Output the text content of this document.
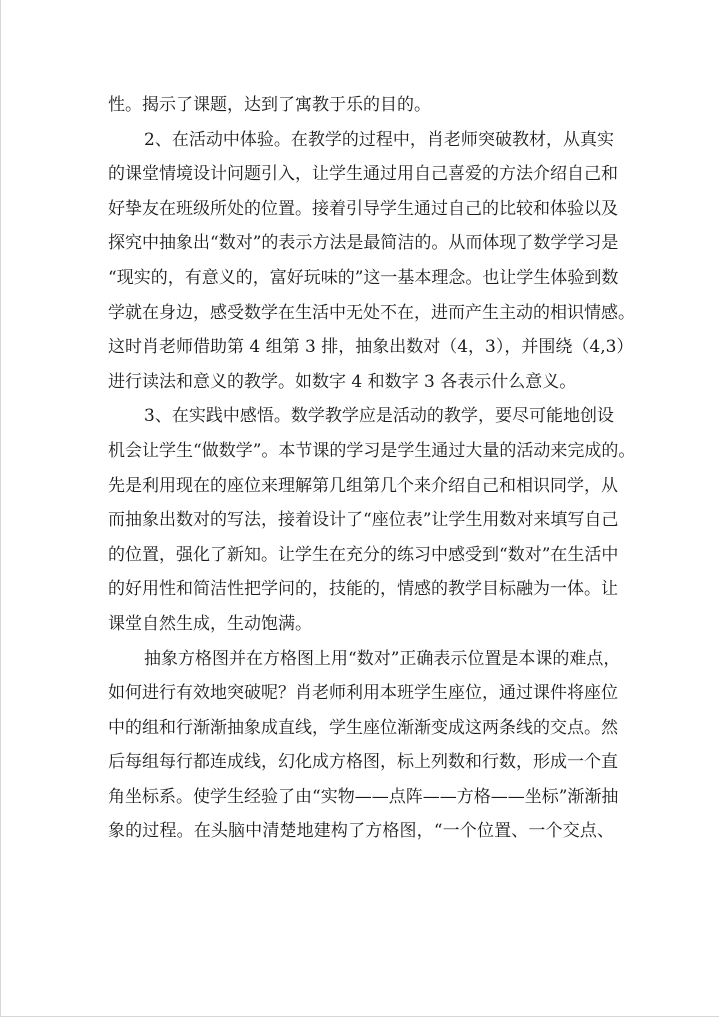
性。揭示了课题，达到了寓教于乐的目的。
2、在活动中体验。在教学的过程中，肖老师突破教材，从真实
的课堂情境设计问题引入，让学生通过用自己喜爱的方法介绍自己和
好挚友在班级所处的位置。接着引导学生通过自己的比较和体验以及
探究中抽象出“数对”的表示方法是最简洁的。从而体现了数学学习是
“现实的，有意义的，富好玩味的”这一基本理念。也让学生体验到数
学就在身边，感受数学在生活中无处不在，进而产生主动的相识情感。
这时肖老师借助第 4 组第 3 排，抽象出数对（4，3），并围绕（4,3）
进行读法和意义的教学。如数字 4 和数字 3 各表示什么意义。
3、在实践中感悟。数学教学应是活动的教学，要尽可能地创设
机会让学生“做数学”。本节课的学习是学生通过大量的活动来完成的。
先是利用现在的座位来理解第几组第几个来介绍自己和相识同学，从
而抽象出数对的写法，接着设计了“座位表”让学生用数对来填写自己
的位置，强化了新知。让学生在充分的练习中感受到“数对”在生活中
的好用性和简洁性把学问的，技能的，情感的教学目标融为一体。让
课堂自然生成，生动饱满。
抽象方格图并在方格图上用“数对”正确表示位置是本课的难点，
如何进行有效地突破呢？肖老师利用本班学生座位，通过课件将座位
中的组和行渐渐抽象成直线，学生座位渐渐变成这两条线的交点。然
后每组每行都连成线，幻化成方格图，标上列数和行数，形成一个直
角坐标系。使学生经验了由“实物——点阵——方格——坐标”渐渐抽
象的过程。在头脑中清楚地建构了方格图，“一个位置、一个交点、
